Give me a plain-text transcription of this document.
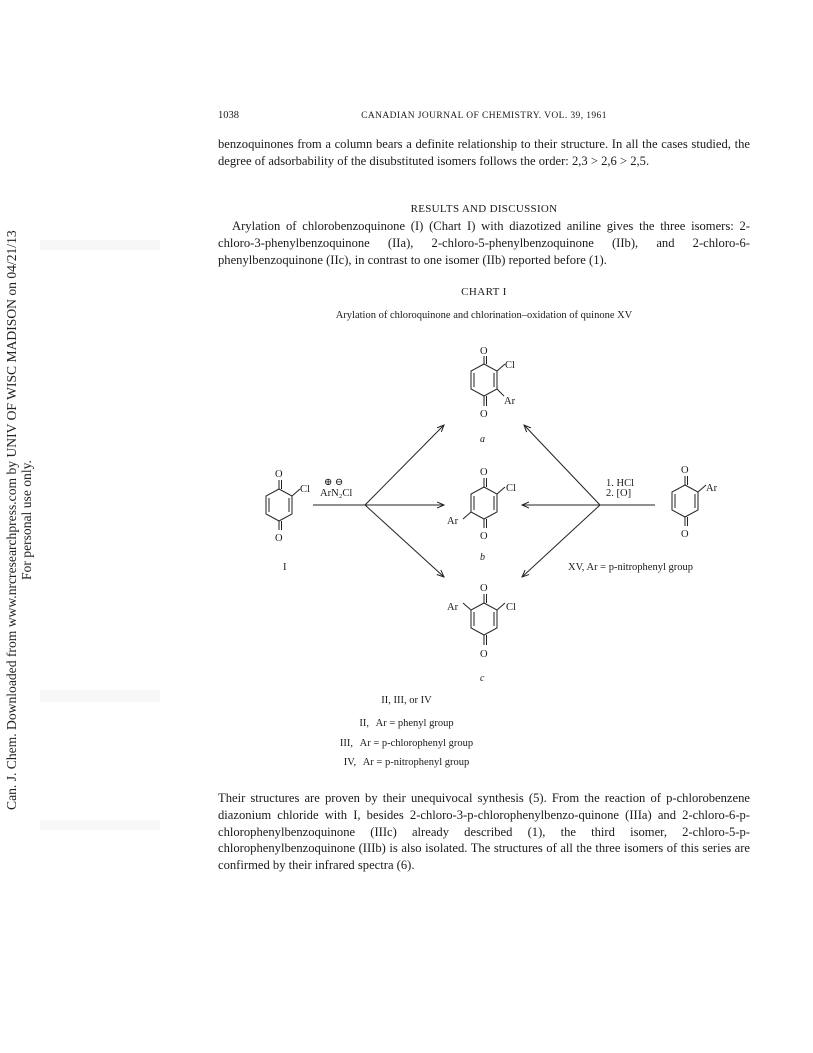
Can. J. Chem. Downloaded from www.nrcresearchpress.com by UNIV OF WISC MADISON on 04/21/13 For personal use only.
1038	CANADIAN JOURNAL OF CHEMISTRY. VOL. 39, 1961

benzoquinones from a column bears a definite relationship to their structure. In all the cases studied, the degree of adsorbability of the disubstituted isomers follows the order: 2,3 > 2,6 > 2,5.

RESULTS AND DISCUSSION

Arylation of chlorobenzoquinone (I) (Chart I) with diazotized aniline gives the three isomers: 2-chloro-3-phenylbenzoquinone (IIa), 2-chloro-5-phenylbenzoquinone (IIb), and 2-chloro-6-phenylbenzoquinone (IIc), in contrast to one isomer (IIb) reported before (1).

CHART I
Arylation of chloroquinone and chlorination–oxidation of quinone XV
O
Cl
Ar
O
a
O
Cl
O
I
⊕ ⊖
ArN₂Cl
O
Cl
Ar
O
b
1. HCl
2. [O]
O
Ar
O
XV, Ar = p-nitrophenyl group
O
Cl
Ar
O
c
II, III, or IV
II, Ar = phenyl group
III, Ar = p-chlorophenyl group
IV, Ar = p-nitrophenyl group

Their structures are proven by their unequivocal synthesis (5). From the reaction of p-chlorobenzene diazonium chloride with I, besides 2-chloro-3-p-chlorophenylbenzo-quinone (IIIa) and 2-chloro-6-p-chlorophenylbenzoquinone (IIIc) already described (1), the third isomer, 2-chloro-5-p-chlorophenylbenzoquinone (IIIb) is also isolated. The structures of all the three isomers of this series are confirmed by their infrared spectra (6).
